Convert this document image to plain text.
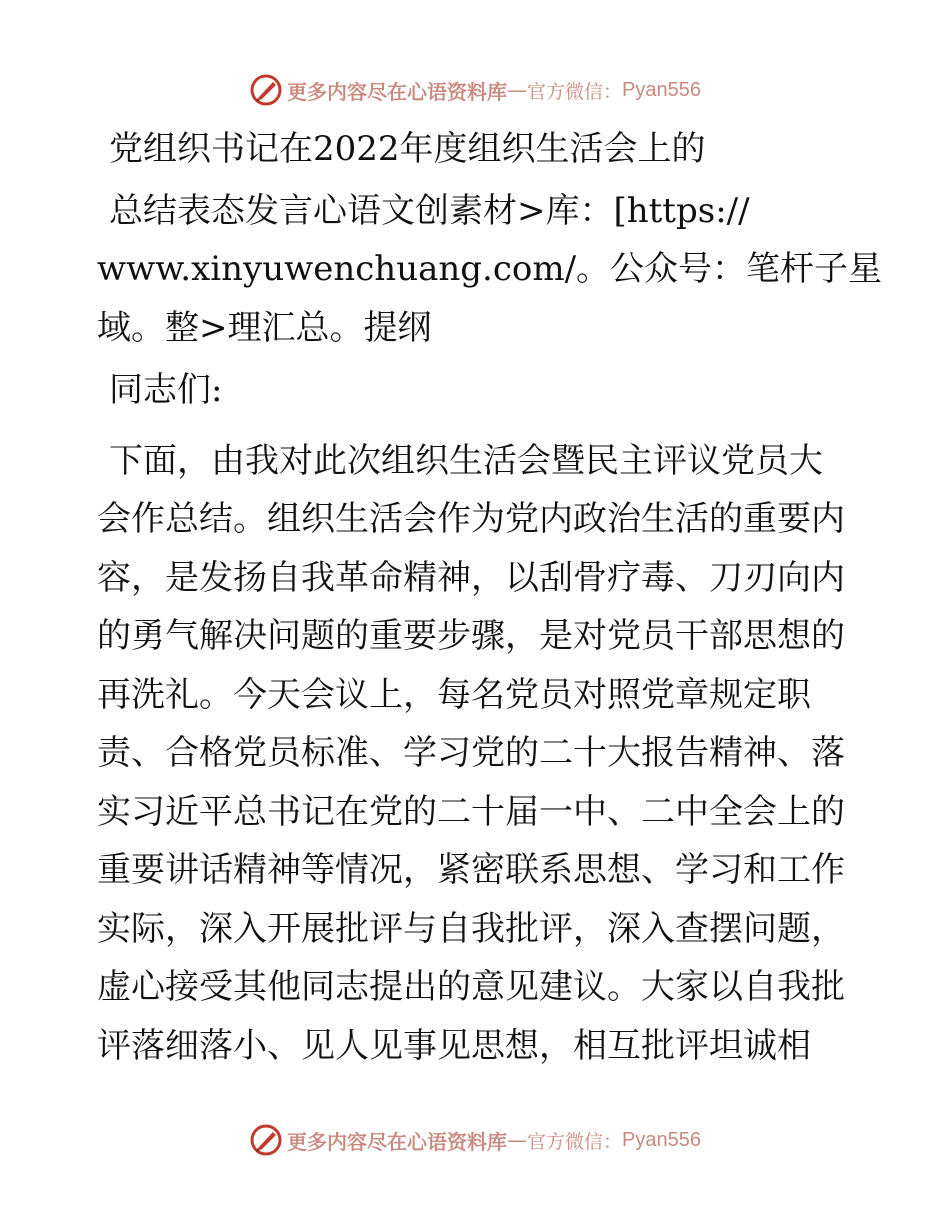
更多内容尽在心语资料库 — 官方微信： Pyan556

党组织书记在2022年度组织生活会上的

总结表态发言心语文创素材>库：[https://

www.xinyuwenchuang.com/。公众号：笔杆子星

域。整>理汇总。提纲

同志们:

下面，由我对此次组织生活会暨民主评议党员大

会作总结。组织生活会作为党内政治生活的重要内

容，是发扬自我革命精神，以刮骨疗毒、刀刃向内

的勇气解决问题的重要步骤，是对党员干部思想的

再洗礼。今天会议上，每名党员对照党章规定职

责、合格党员标准、学习党的二十大报告精神、落

实习近平总书记在党的二十届一中、二中全会上的

重要讲话精神等情况，紧密联系思想、学习和工作

实际，深入开展批评与自我批评，深入查摆问题，

虚心接受其他同志提出的意见建议。大家以自我批

评落细落小、见人见事见思想，相互批评坦诚相

更多内容尽在心语资料库 — 官方微信： Pyan556
